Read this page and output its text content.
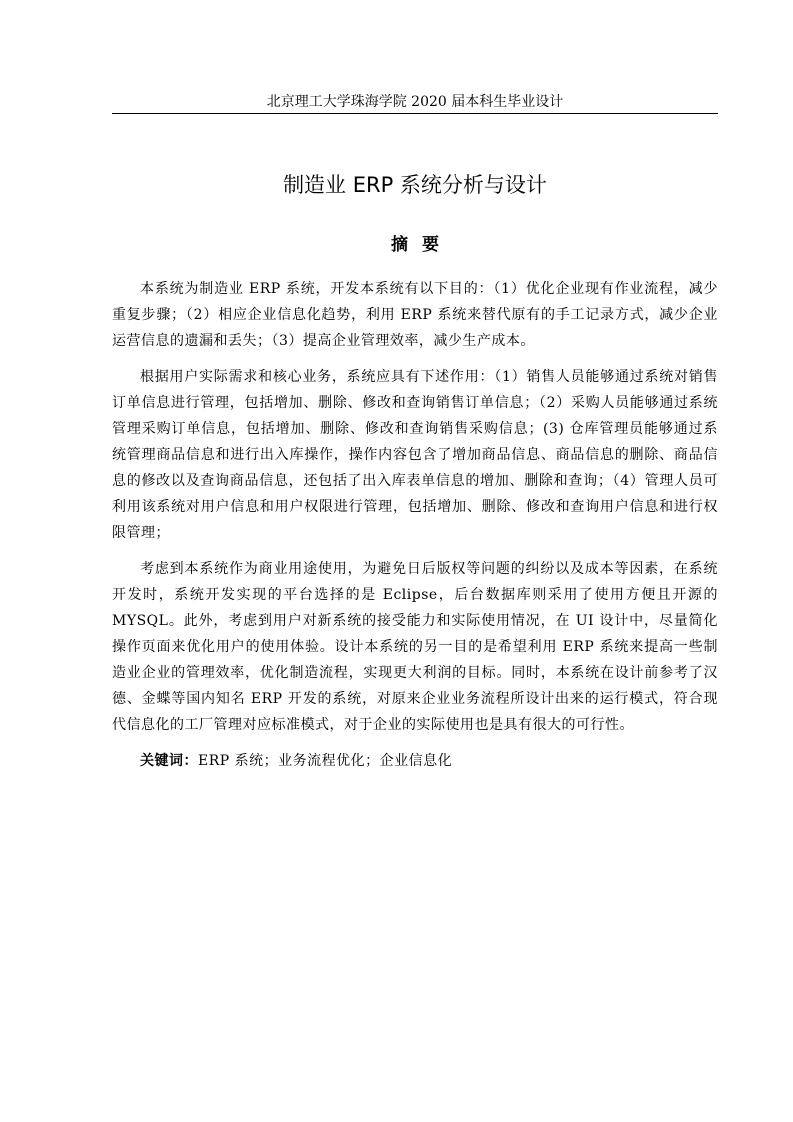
北京理工大学珠海学院 2020 届本科生毕业设计
制造业 ERP 系统分析与设计
摘要

本系统为制造业 ERP 系统，开发本系统有以下目的：（1）优化企业现有作业流程，减少重复步骤；（2）相应企业信息化趋势，利用 ERP 系统来替代原有的手工记录方式，减少企业运营信息的遗漏和丢失；（3）提高企业管理效率，减少生产成本。

根据用户实际需求和核心业务，系统应具有下述作用：（1）销售人员能够通过系统对销售订单信息进行管理，包括增加、删除、修改和查询销售订单信息；（2）采购人员能够通过系统管理采购订单信息，包括增加、删除、修改和查询销售采购信息；(3) 仓库管理员能够通过系统管理商品信息和进行出入库操作，操作内容包含了增加商品信息、商品信息的删除、商品信息的修改以及查询商品信息，还包括了出入库表单信息的增加、删除和查询；（4）管理人员可利用该系统对用户信息和用户权限进行管理，包括增加、删除、修改和查询用户信息和进行权限管理；

考虑到本系统作为商业用途使用，为避免日后版权等问题的纠纷以及成本等因素，在系统开发时，系统开发实现的平台选择的是 Eclipse，后台数据库则采用了使用方便且开源的 MYSQL。此外，考虑到用户对新系统的接受能力和实际使用情况，在 UI 设计中，尽量简化操作页面来优化用户的使用体验。设计本系统的另一目的是希望利用 ERP 系统来提高一些制造业企业的管理效率，优化制造流程，实现更大利润的目标。同时，本系统在设计前参考了汉德、金蝶等国内知名 ERP 开发的系统，对原来企业业务流程所设计出来的运行模式，符合现代信息化的工厂管理对应标准模式，对于企业的实际使用也是具有很大的可行性。

关键词：ERP 系统；业务流程优化；企业信息化
